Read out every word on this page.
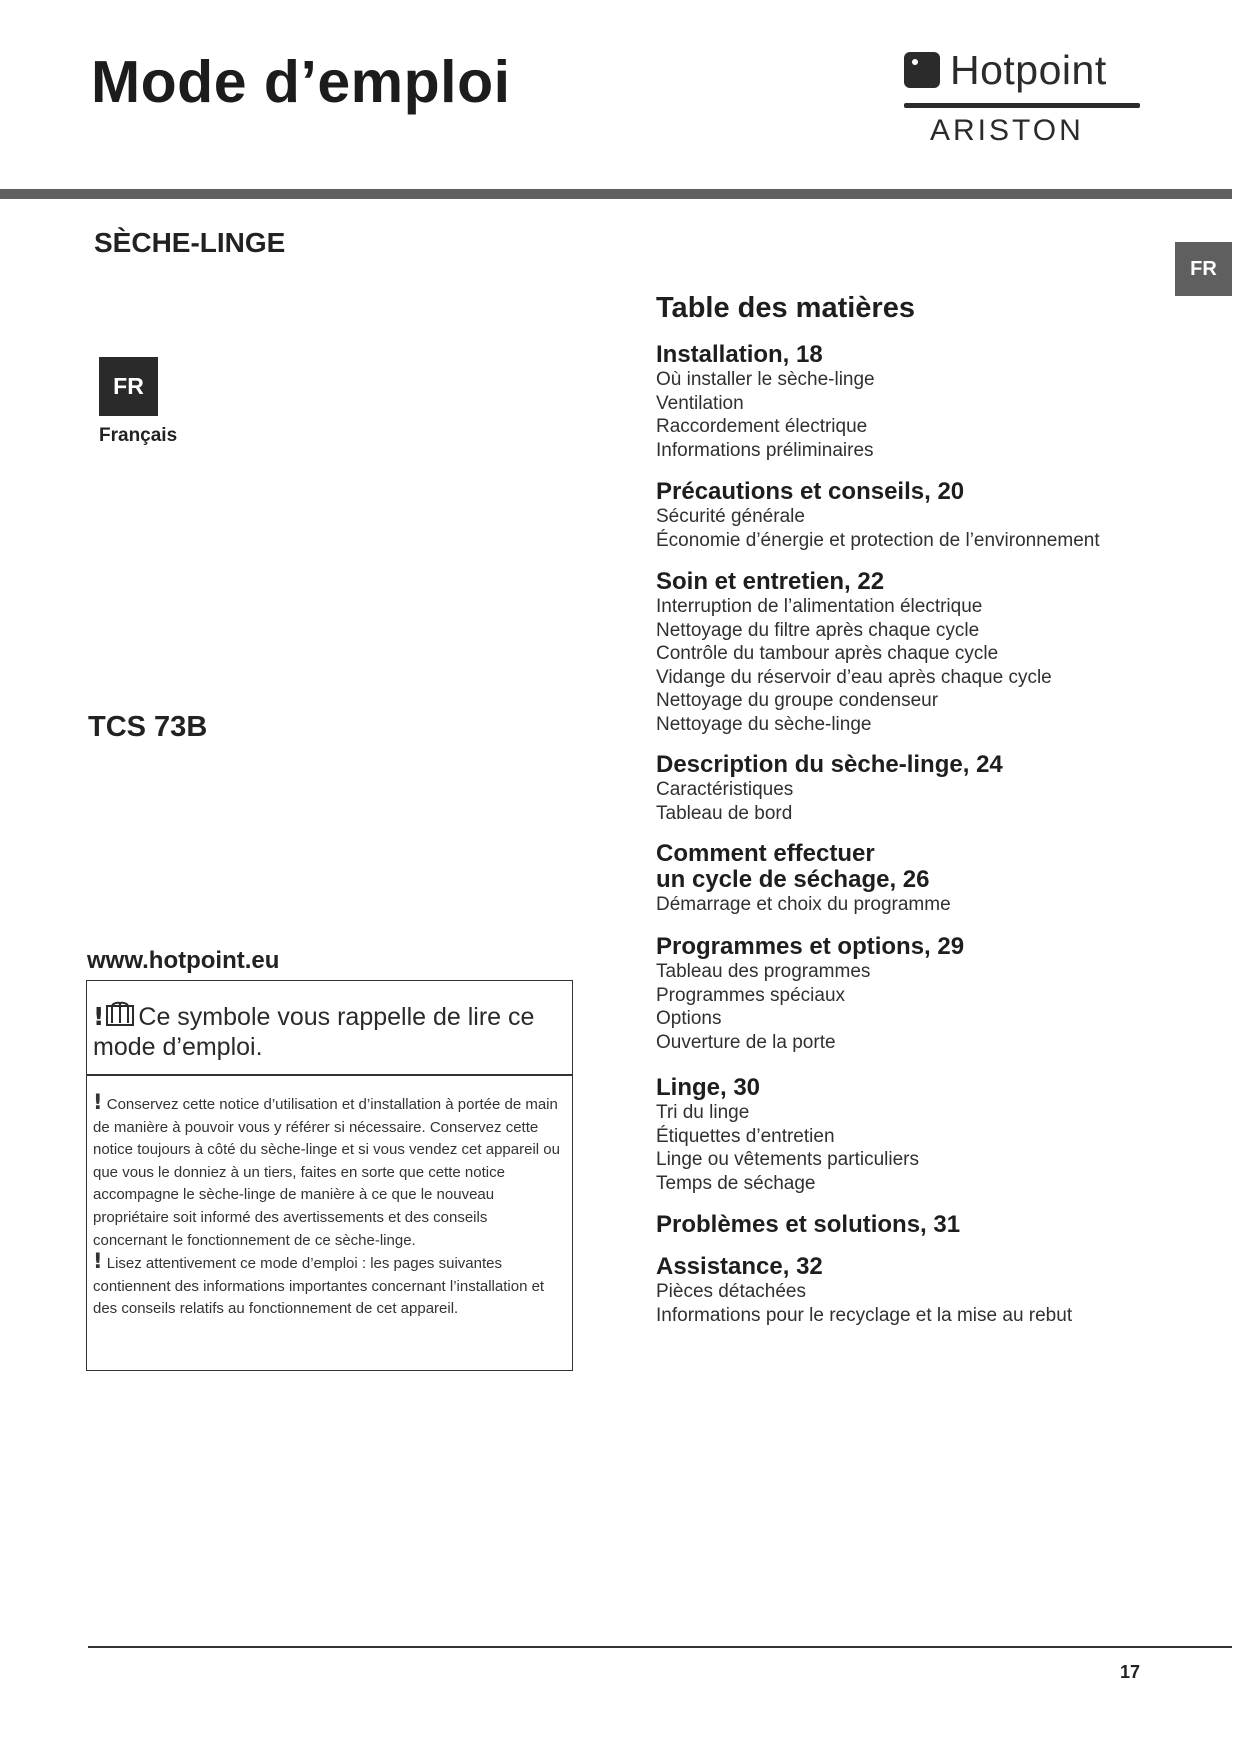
Mode d’emploi	Hotpoint
ARISTON
FR
SÈCHE-LINGE
FR
Français
TCS 73B
www.hotpoint.eu
! Ce symbole vous rappelle de lire ce mode d’emploi.

! Conservez cette notice d’utilisation et d’installation à portée de main de manière à pouvoir vous y référer si nécessaire. Conservez cette notice toujours à côté du sèche-linge et si vous vendez cet appareil ou que vous le donniez à un tiers, faites en sorte que cette notice accompagne le sèche-linge de manière à ce que le nouveau propriétaire soit informé des avertissements et des conseils concernant le fonctionnement de ce sèche-linge.

! Lisez attentivement ce mode d’emploi : les pages suivantes contiennent des informations importantes concernant l’installation et des conseils relatifs au fonctionnement de cet appareil.

Table des matières
Installation, 18
Où installer le sèche-linge
Ventilation
Raccordement électrique
Informations préliminaires
Précautions et conseils, 20
Sécurité générale
Économie d’énergie et protection de l’environnement
Soin et entretien, 22
Interruption de l’alimentation électrique
Nettoyage du filtre après chaque cycle
Contrôle du tambour après chaque cycle
Vidange du réservoir d’eau après chaque cycle
Nettoyage du groupe condenseur
Nettoyage du sèche-linge
Description du sèche-linge, 24
Caractéristiques
Tableau de bord
Comment effectuer
un cycle de séchage, 26
Démarrage et choix du programme
Programmes et options, 29
Tableau des programmes
Programmes spéciaux
Options
Ouverture de la porte
Linge, 30
Tri du linge
Étiquettes d’entretien
Linge ou vêtements particuliers
Temps de séchage
Problèmes et solutions, 31
Assistance, 32
Pièces détachées
Informations pour le recyclage et la mise au rebut
17
